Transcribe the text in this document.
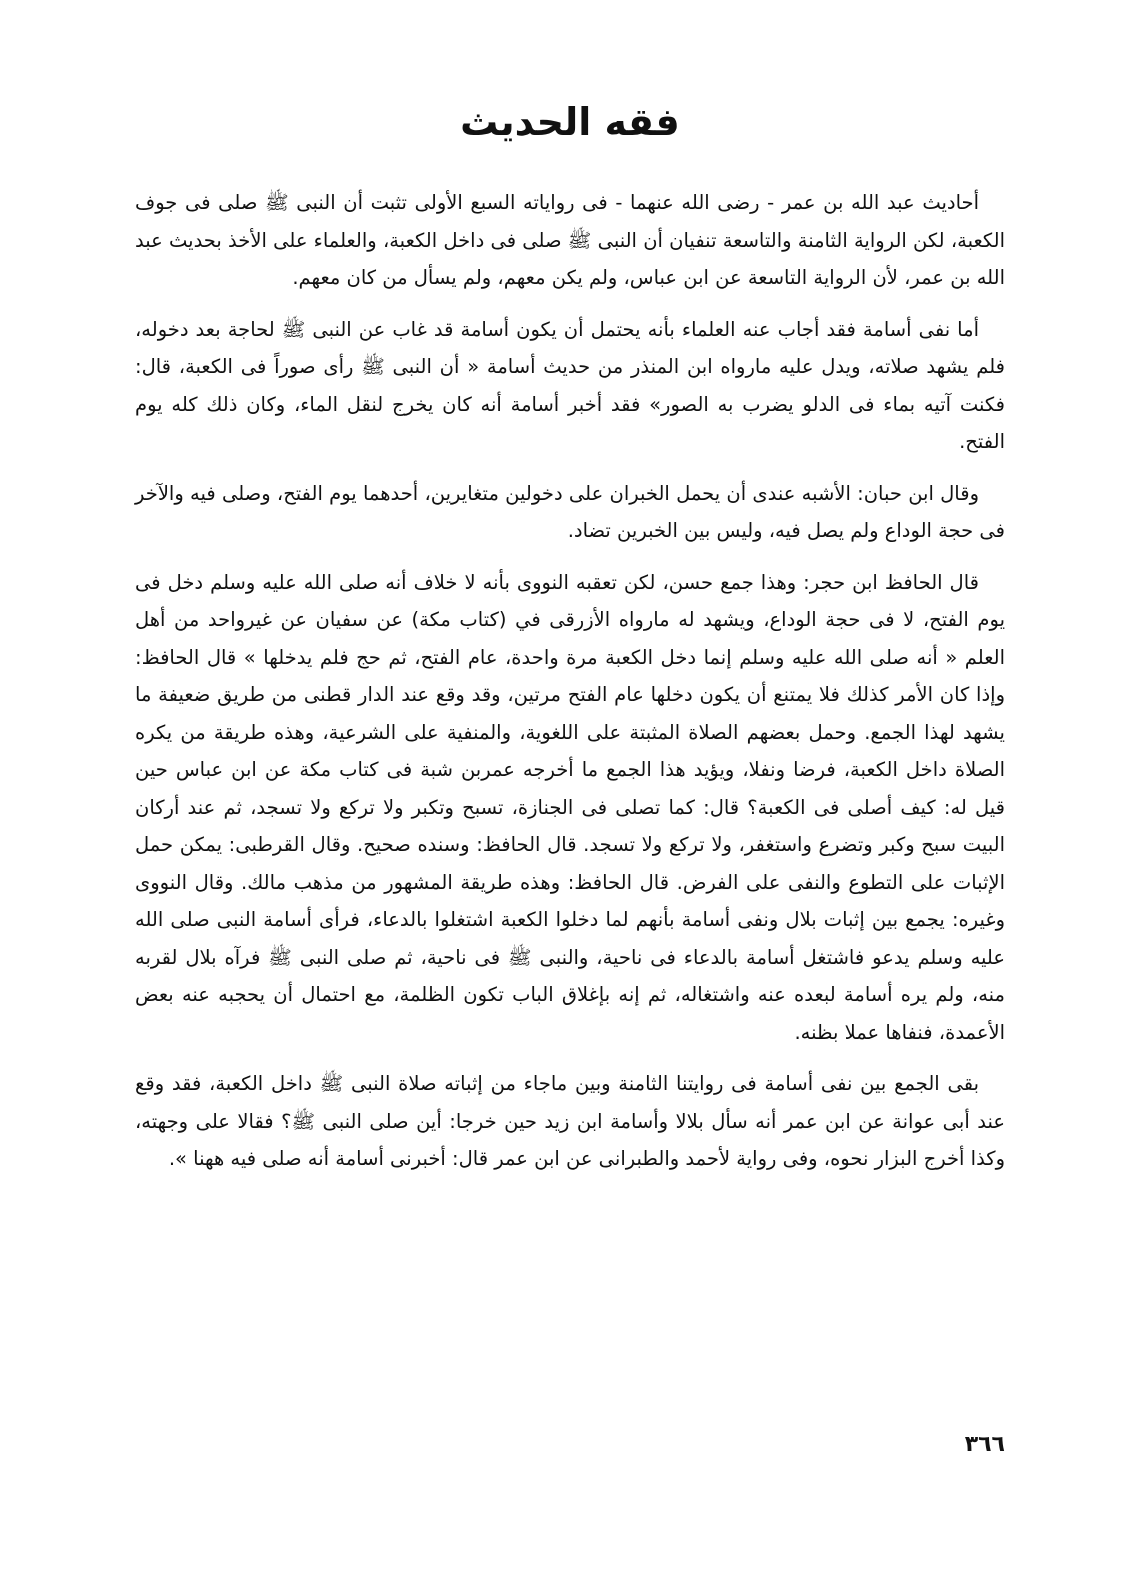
فقه الحديث

أحاديث عبد الله بن عمر - رضى الله عنهما - فى رواياته السبع الأولى تثبت أن النبى ﷺ صلى فى جوف الكعبة، لكن الرواية الثامنة والتاسعة تنفيان أن النبى ﷺ صلى فى داخل الكعبة، والعلماء على الأخذ بحديث عبد الله بن عمر، لأن الرواية التاسعة عن ابن عباس، ولم يكن معهم، ولم يسأل من كان معهم.

أما نفى أسامة فقد أجاب عنه العلماء بأنه يحتمل أن يكون أسامة قد غاب عن النبى ﷺ لحاجة بعد دخوله، فلم يشهد صلاته، ويدل عليه مارواه ابن المنذر من حديث أسامة « أن النبى ﷺ رأى صوراً فى الكعبة، قال: فكنت آتيه بماء فى الدلو يضرب به الصور» فقد أخبر أسامة أنه كان يخرج لنقل الماء، وكان ذلك كله يوم الفتح.

وقال ابن حبان: الأشبه عندى أن يحمل الخبران على دخولين متغايرين، أحدهما يوم الفتح، وصلى فيه والآخر فى حجة الوداع ولم يصل فيه، وليس بين الخبرين تضاد.

قال الحافظ ابن حجر: وهذا جمع حسن، لكن تعقبه النووى بأنه لا خلاف أنه صلى الله عليه وسلم دخل فى يوم الفتح، لا فى حجة الوداع، ويشهد له مارواه الأزرقى في (كتاب مكة) عن سفيان عن غيرواحد من أهل العلم « أنه صلى الله عليه وسلم إنما دخل الكعبة مرة واحدة، عام الفتح، ثم حج فلم يدخلها » قال الحافظ: وإذا كان الأمر كذلك فلا يمتنع أن يكون دخلها عام الفتح مرتين، وقد وقع عند الدار قطنى من طريق ضعيفة ما يشهد لهذا الجمع. وحمل بعضهم الصلاة المثبتة على اللغوية، والمنفية على الشرعية، وهذه طريقة من يكره الصلاة داخل الكعبة، فرضا ونفلا، ويؤيد هذا الجمع ما أخرجه عمربن شبة فى كتاب مكة عن ابن عباس حين قيل له: كيف أصلى فى الكعبة؟ قال: كما تصلى فى الجنازة، تسبح وتكبر ولا تركع ولا تسجد، ثم عند أركان البيت سبح وكبر وتضرع واستغفر، ولا تركع ولا تسجد. قال الحافظ: وسنده صحيح. وقال القرطبى: يمكن حمل الإثبات على التطوع والنفى على الفرض. قال الحافظ: وهذه طريقة المشهور من مذهب مالك. وقال النووى وغيره: يجمع بين إثبات بلال ونفى أسامة بأنهم لما دخلوا الكعبة اشتغلوا بالدعاء، فرأى أسامة النبى صلى الله عليه وسلم يدعو فاشتغل أسامة بالدعاء فى ناحية، والنبى ﷺ فى ناحية، ثم صلى النبى ﷺ فرآه بلال لقربه منه، ولم يره أسامة لبعده عنه واشتغاله، ثم إنه بإغلاق الباب تكون الظلمة، مع احتمال أن يحجبه عنه بعض الأعمدة، فنفاها عملا بظنه.

بقى الجمع بين نفى أسامة فى روايتنا الثامنة وبين ماجاء من إثباته صلاة النبى ﷺ داخل الكعبة، فقد وقع عند أبى عوانة عن ابن عمر أنه سأل بلالا وأسامة ابن زيد حين خرجا: أين صلى النبى ﷺ؟ فقالا على وجهته، وكذا أخرج البزار نحوه، وفى رواية لأحمد والطبرانى عن ابن عمر قال: أخبرنى أسامة أنه صلى فيه ههنا ».

٣٦٦
